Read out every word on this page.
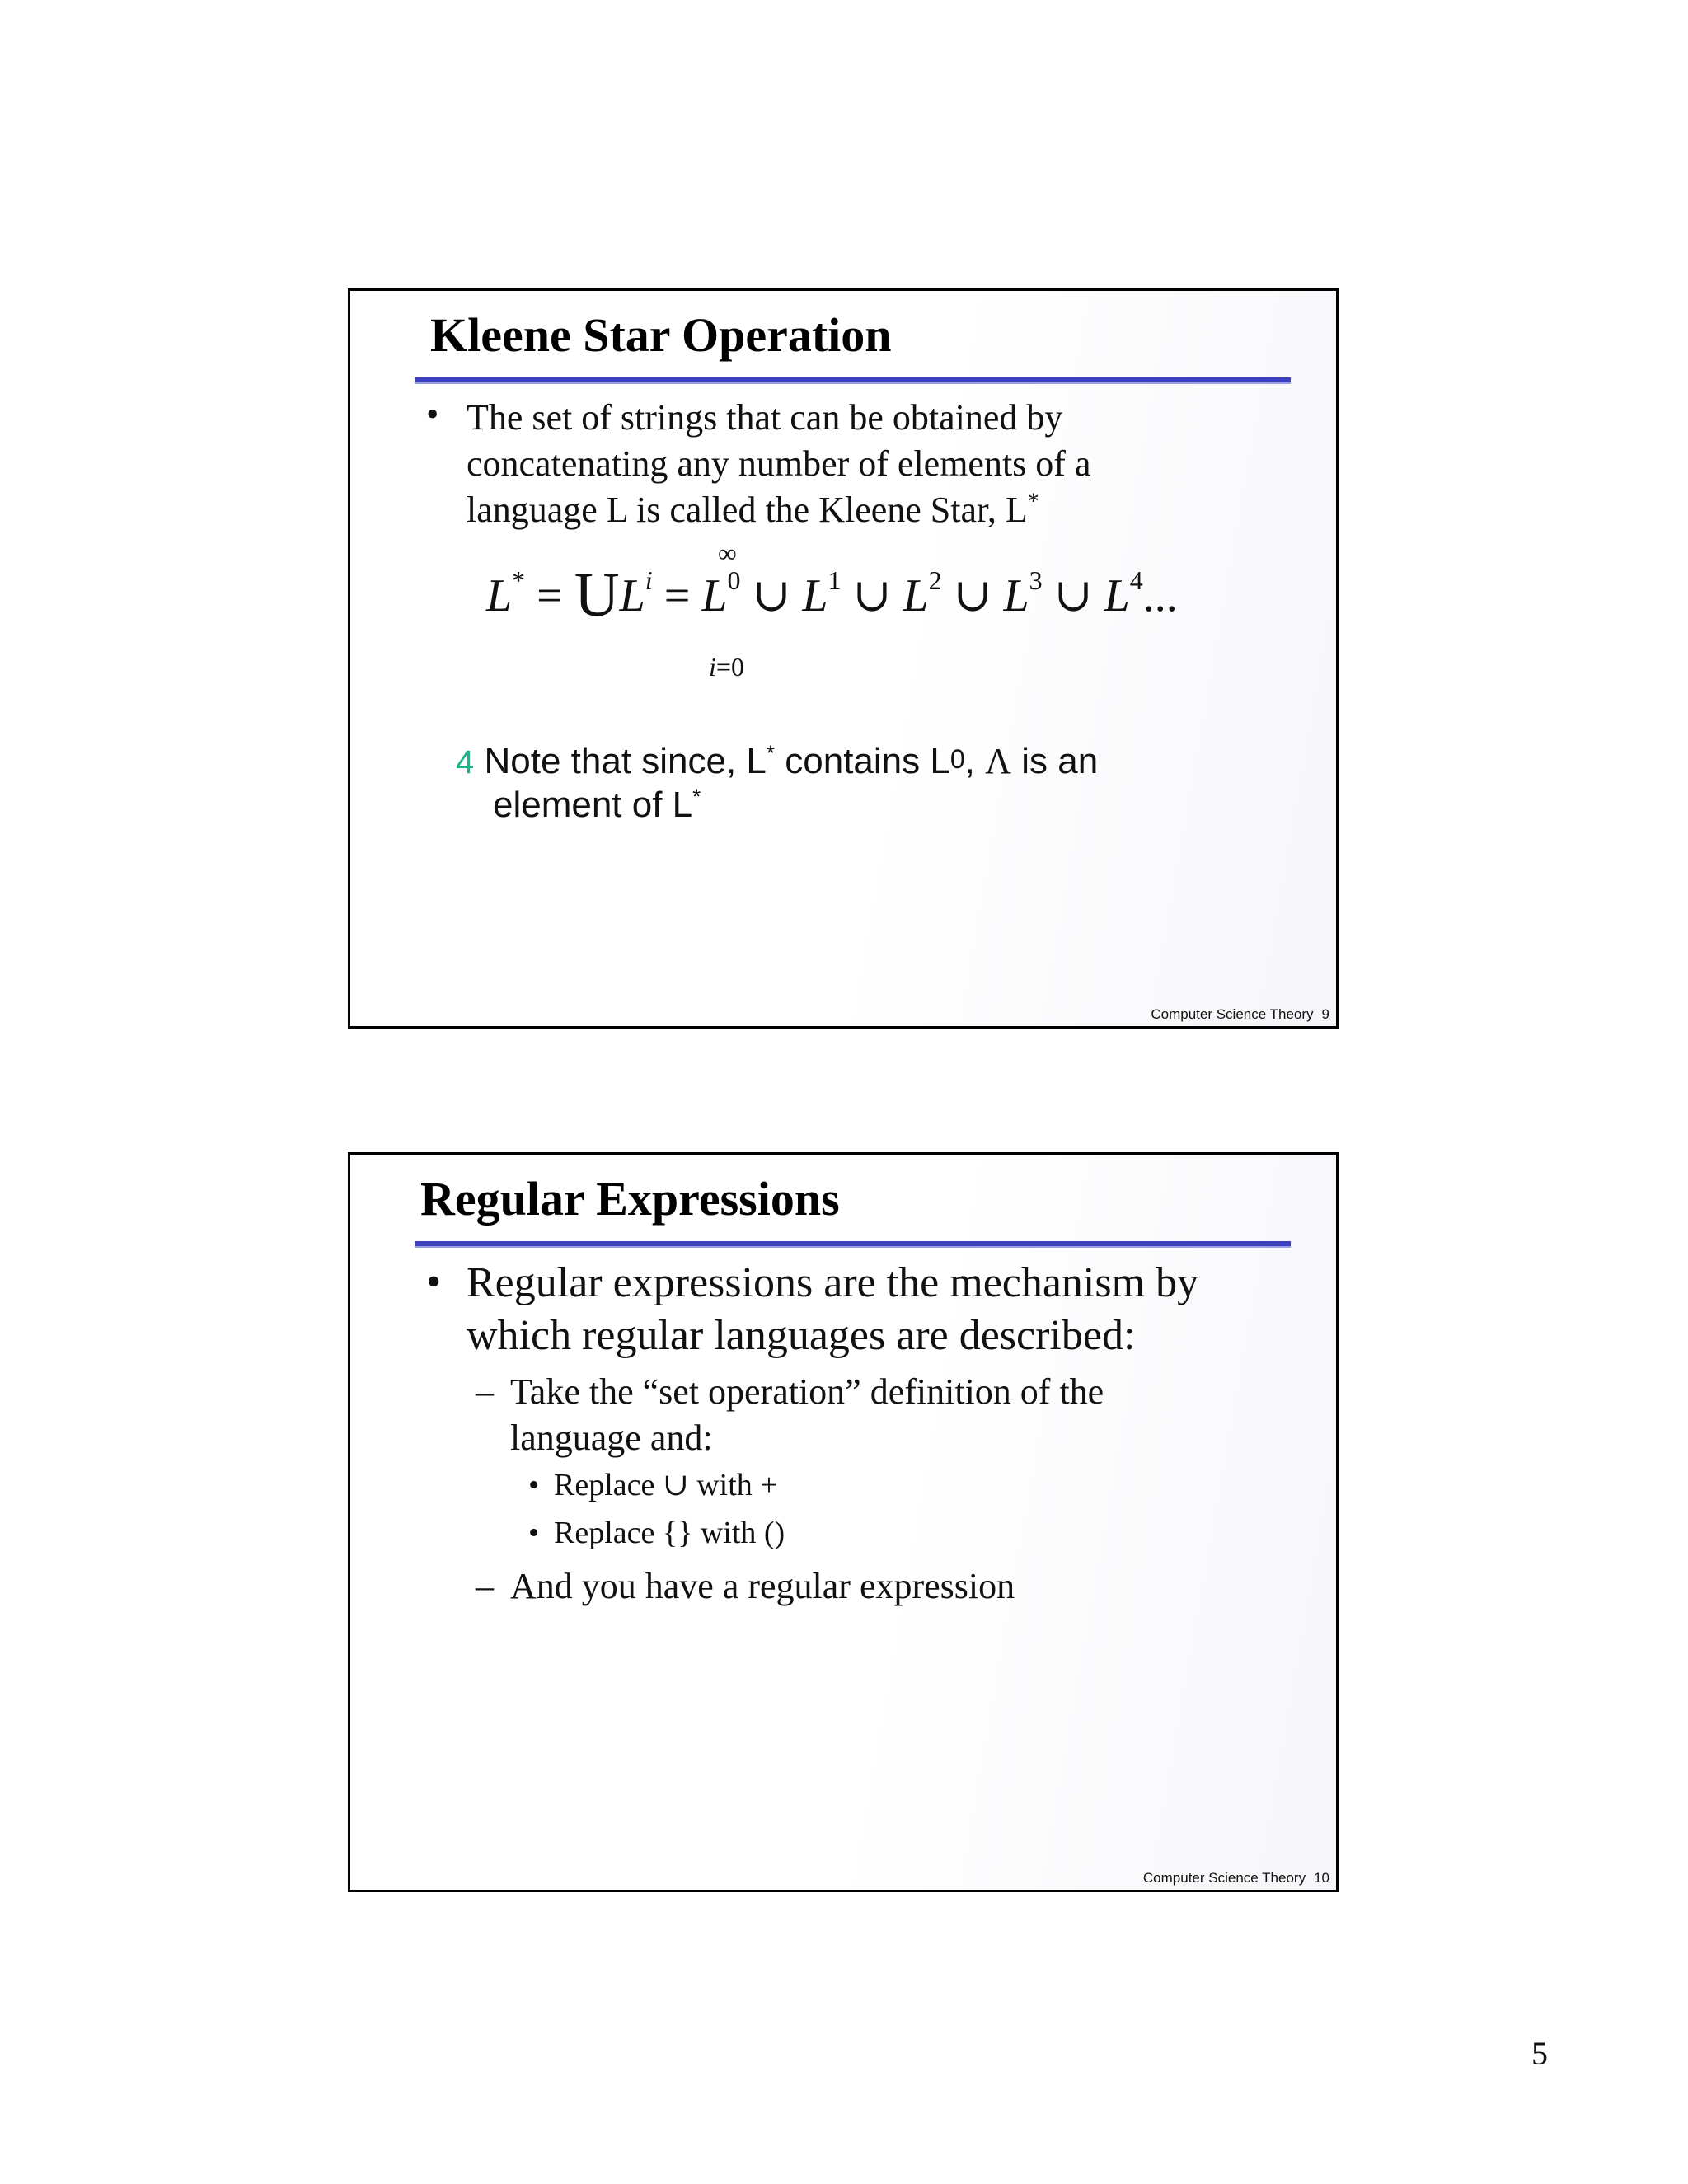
Kleene Star Operation
• The set of strings that can be obtained by
concatenating any number of elements of a
language L is called the Kleene Star, L*
∞
$L^* = UL^i = L^0$ ∪ $L^1$ ∪ $L^2$ ∪ $L^3$ ∪ $L^4$...
i=0
4 Note that since, L* contains L0, Λ is an
element of L*
Computer Science Theory 9
Regular Expressions
• Regular expressions are the mechanism by
which regular languages are described:
– Take the “set operation” definition of the
language and:
• Replace ∪ with +
• Replace {} with ()
– And you have a regular expression
Computer Science Theory 10
5
